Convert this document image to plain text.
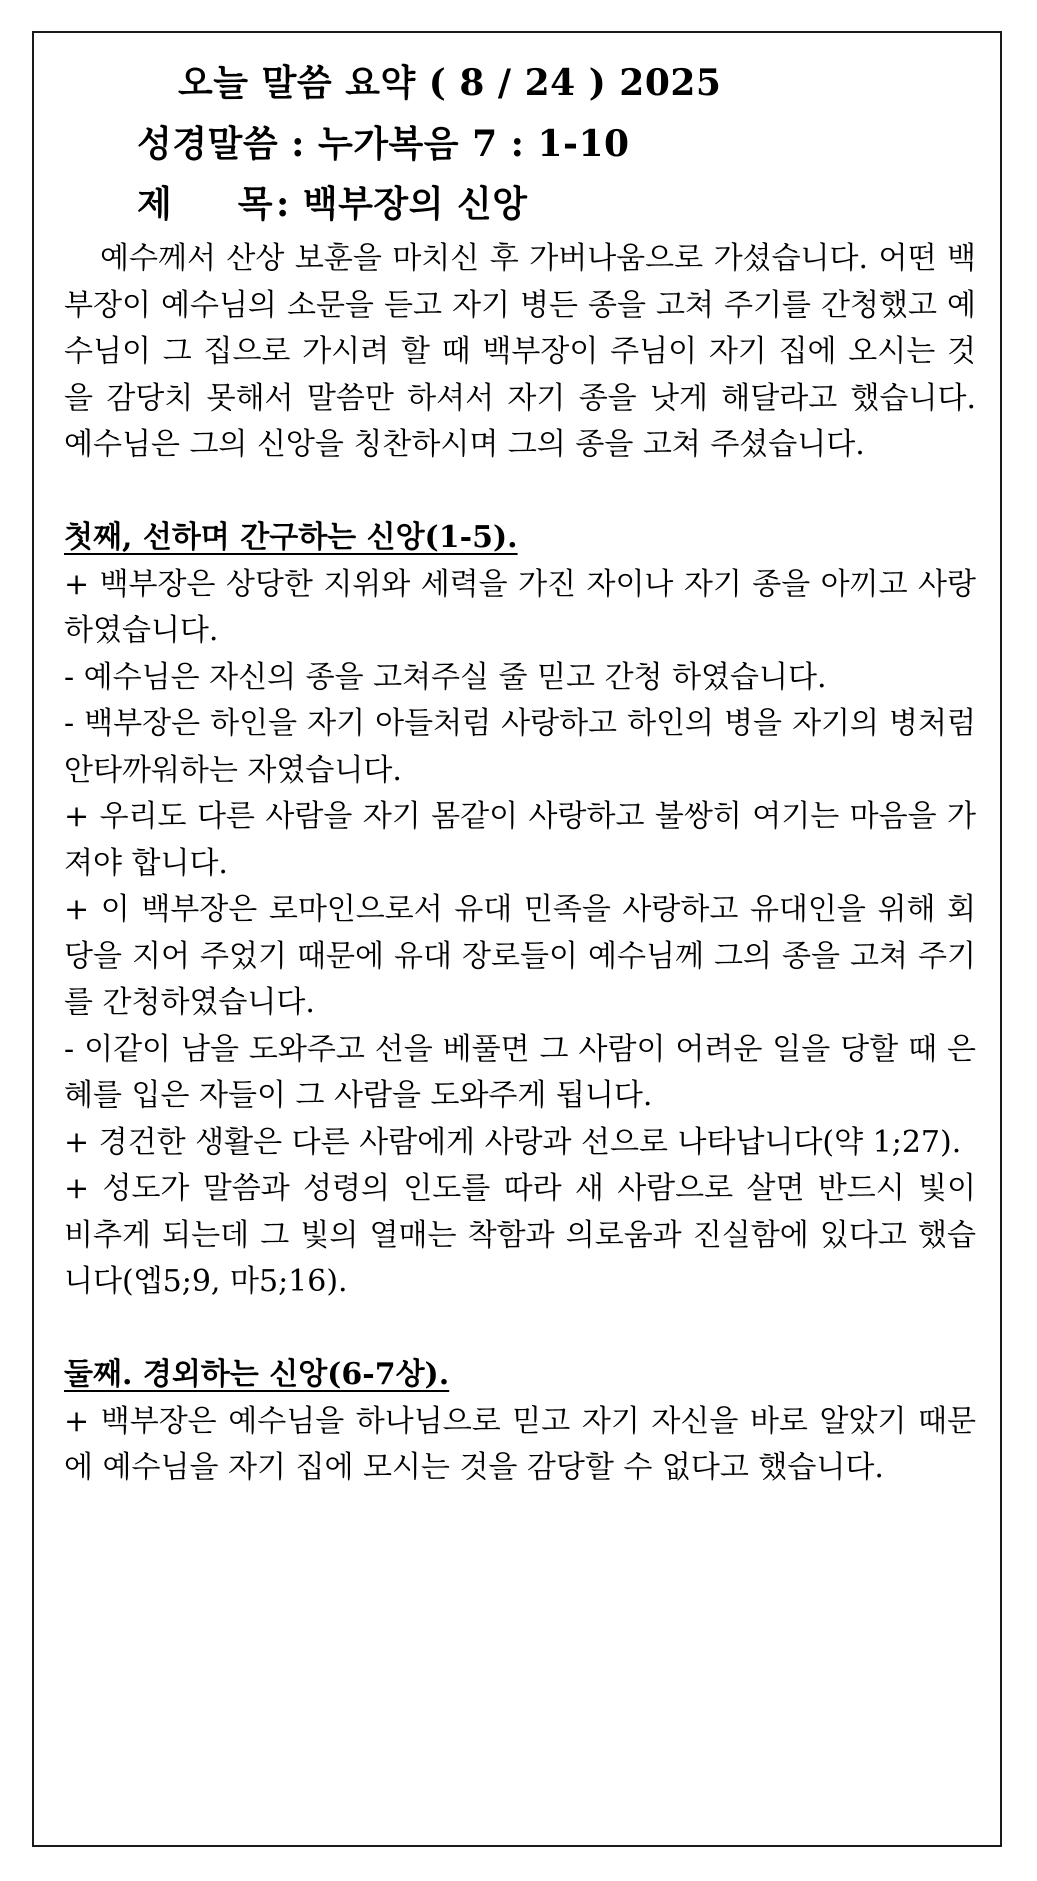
오늘 말씀 요약 ( 8 / 24 ) 2025
성경말씀 : 누가복음 7 : 1-10
제 목 : 백부장의 신앙

예수께서 산상 보훈을 마치신 후 가버나움으로 가셨습니다. 어떤 백부장이 예수님의 소문을 듣고 자기 병든 종을 고쳐 주기를 간청했고 예수님이 그 집으로 가시려 할 때 백부장이 주님이 자기 집에 오시는 것을 감당치 못해서 말씀만 하셔서 자기 종을 낫게 해달라고 했습니다. 예수님은 그의 신앙을 칭찬하시며 그의 종을 고쳐 주셨습니다.

첫째, 선하며 간구하는 신앙(1-5).

+ 백부장은 상당한 지위와 세력을 가진 자이나 자기 종을 아끼고 사랑하였습니다.

- 예수님은 자신의 종을 고쳐주실 줄 믿고 간청 하였습니다.

- 백부장은 하인을 자기 아들처럼 사랑하고 하인의 병을 자기의 병처럼 안타까워하는 자였습니다.

+ 우리도 다른 사람을 자기 몸같이 사랑하고 불쌍히 여기는 마음을 가져야 합니다.

+ 이 백부장은 로마인으로서 유대 민족을 사랑하고 유대인을 위해 회당을 지어 주었기 때문에 유대 장로들이 예수님께 그의 종을 고쳐 주기를 간청하였습니다.

- 이같이 남을 도와주고 선을 베풀면 그 사람이 어려운 일을 당할 때 은혜를 입은 자들이 그 사람을 도와주게 됩니다.

+ 경건한 생활은 다른 사람에게 사랑과 선으로 나타납니다(약 1;27).

+ 성도가 말씀과 성령의 인도를 따라 새 사람으로 살면 반드시 빛이 비추게 되는데 그 빛의 열매는 착함과 의로움과 진실함에 있다고 했습니다(엡5;9, 마5;16).

둘째. 경외하는 신앙(6-7상).

+ 백부장은 예수님을 하나님으로 믿고 자기 자신을 바로 알았기 때문에 예수님을 자기 집에 모시는 것을 감당할 수 없다고 했습니다.
